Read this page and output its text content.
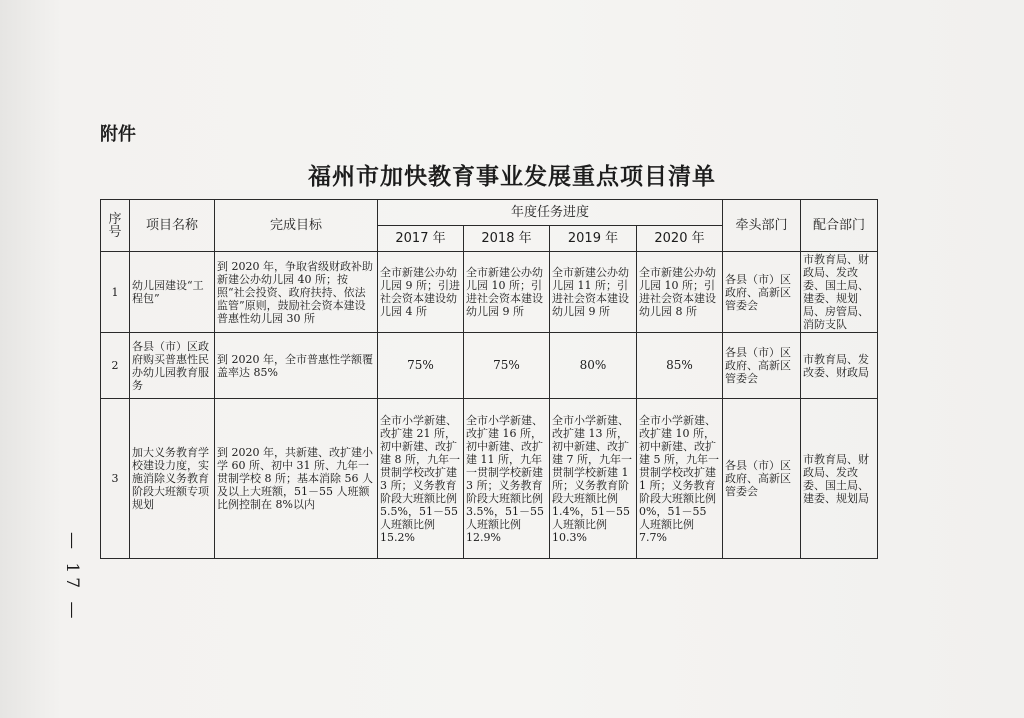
附件
福州市加快教育事业发展重点项目清单
— 17 —
序号	项目名称	完成目标	年度任务进度				牵头部门	配合部门
			2017 年	2018 年	2019 年	2020 年		
1	幼儿园建设“工程包”	到 2020 年，争取省级财政补助新建公办幼儿园 40 所；按照“社会投资、政府扶持、依法监管”原则，鼓励社会资本建设普惠性幼儿园 30 所	全市新建公办幼儿园 9 所；引进社会资本建设幼儿园 4 所	全市新建公办幼儿园 10 所；引进社会资本建设幼儿园 9 所	全市新建公办幼儿园 11 所；引进社会资本建设幼儿园 9 所	全市新建公办幼儿园 10 所；引进社会资本建设幼儿园 8 所	各县（市）区政府、高新区管委会	市教育局、财政局、发改委、国土局、建委、规划局、房管局、消防支队
2	各县（市）区政府购买普惠性民办幼儿园教育服务	到 2020 年，全市普惠性学额覆盖率达 85%	75%	75%	80%	85%	各县（市）区政府、高新区管委会	市教育局、发改委、财政局
3	加大义务教育学校建设力度，实施消除义务教育阶段大班额专项规划	到 2020 年，共新建、改扩建小学 60 所、初中 31 所、九年一贯制学校 8 所；基本消除 56 人及以上大班额，51－55 人班额比例控制在 8%以内	全市小学新建、改扩建 21 所，初中新建、改扩建 8 所，九年一贯制学校改扩建 3 所；义务教育阶段大班额比例 5.5%，51－55 人班额比例 15.2%	全市小学新建、改扩建 16 所，初中新建、改扩建 11 所，九年一贯制学校新建 3 所；义务教育阶段大班额比例 3.5%，51－55 人班额比例 12.9%	全市小学新建、改扩建 13 所，初中新建、改扩建 7 所，九年一贯制学校新建 1 所；义务教育阶段大班额比例 1.4%，51－55 人班额比例 10.3%	全市小学新建、改扩建 10 所，初中新建、改扩建 5 所，九年一贯制学校改扩建 1 所；义务教育阶段大班额比例 0%，51－55 人班额比例 7.7%	各县（市）区政府、高新区管委会	市教育局、财政局、发改委、国土局、建委、规划局
